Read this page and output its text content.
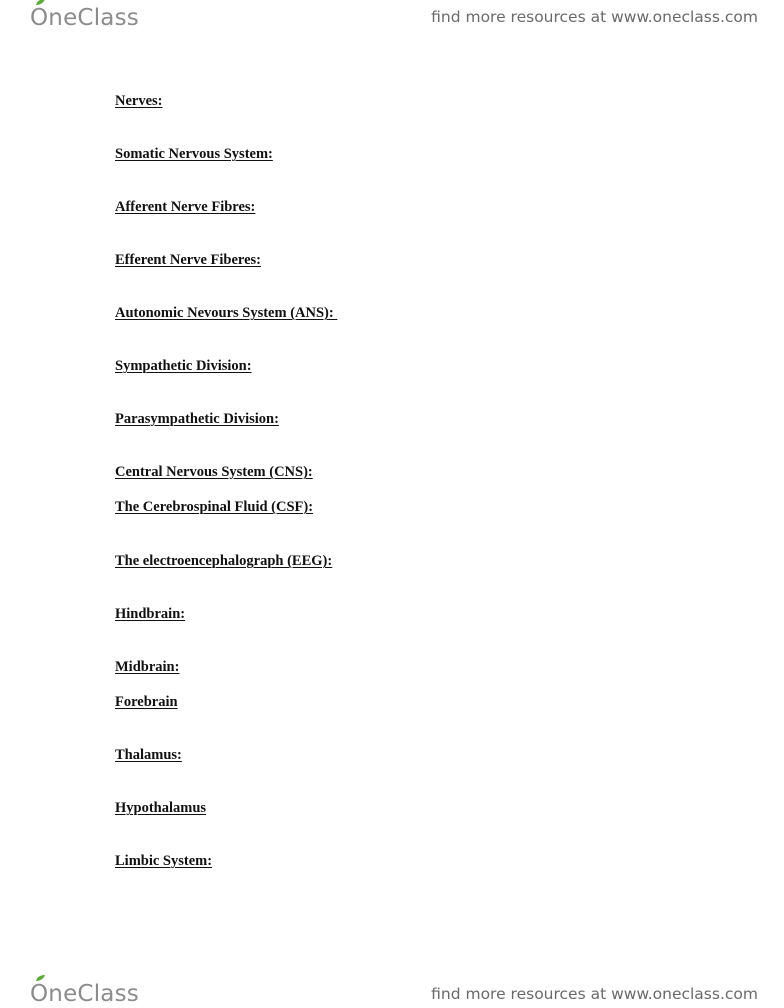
OneClass	find more resources at www.oneclass.com

Nerves:

Somatic Nervous System:

Afferent Nerve Fibres:

Efferent Nerve Fiberes:

Autonomic Nevours System (ANS):

Sympathetic Division:

Parasympathetic Division:

Central Nervous System (CNS):

The Cerebrospinal Fluid (CSF):

The electroencephalograph (EEG):

Hindbrain:

Midbrain:

Forebrain

Thalamus:

Hypothalamus

Limbic System:

OneClass	find more resources at www.oneclass.com
